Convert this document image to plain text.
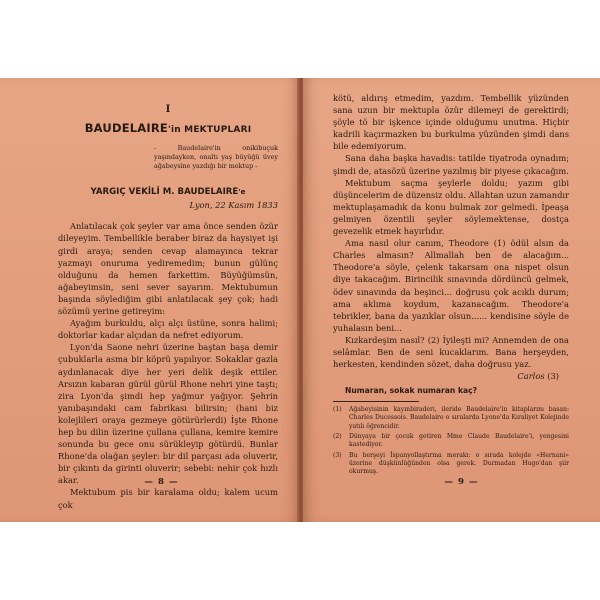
I
BAUDELAIRE'in MEKTUPLARI
- Baudelaire'in onikibuçuk yaşındayken, onaltı yaş büyüğü üvey ağabeysine yazdığı bir mektup -
YARGIÇ VEKİLİ M. BAUDELAIRE'e
Lyon, 22 Kasım 1833

Anlatılacak çok şeyler var ama önce senden özür dileyeyim. Tembellikle beraber biraz da haysiyet işi girdi araya; senden cevap alamayınca tekrar yazmayı onuruma yediremedim; bunun gülünç olduğunu da hemen farkettim. Büyüğümsün, ağabeyimsin, seni sever sayarım. Mektubumun başında söylediğim gibi anlatılacak şey çok; hadi sözümü yerine getireyim:

Ayağım burkuldu, alçı alçı üstüne, sonra halimi; doktorlar kadar alçıdan da nefret ediyorum.

Lyon'da Saone nehri üzerine baştan başa demir çubuklarla asma bir köprü yapılıyor. Sokaklar gazla aydınlanacak diye her yeri delik deşik ettiler. Arsızın kabaran gürül gürül Rhone nehri yine taştı; zira Lyon'da şimdi hep yağmur yağıyor. Şehrin yanıbaşındaki cam fabrikası bilirsin; (hani biz kolejlileri oraya gezmeye götürürlerdi) İşte Rhone hep bu dilin üzerine çullana çullana, kemire kemire sonunda bu gece onu sürükleyip götürdü. Bunlar Rhone'da olağan şeyler: bir dil parçası ada oluverir, bir çıkıntı da girinti oluverir; sebebi: nehir çok hızlı akar.

Mektubum pis bir karalama oldu; kalem ucum çok

— 8 —

kötü, aldırış etmedim, yazdım. Tembellik yüzünden sana uzun bir mektupla özür dilemeyi de gerektirdi; şöyle tö bir işkence içinde olduğumu unutma. Hiçbir kadrili kaçırmazken bu burkulma yüzünden şimdi dans bile edemiyorum.

Sana daha başka havadis: tatilde tiyatroda oynadım; şimdi de, atasözü üzerine yazılmış bir piyese çıkacağım.

Mektubum saçma şeylerle doldu; yazım gibi düşüncelerim de düzensiz oldu. Allahtan uzun zamandır mektuplaşamadık da konu bulmak zor gelmedi. İpeaşa gelmiyen özentili şeyler söylemektense, dostça gevezelik etmek hayırlıdır.

Ama nasıl olur canım, Theodore (1) ödül alsın da Charles almasın? Allmallah ben de alacağım... Theodore'a söyle, çelenk takarsam ona nispet olsun diye takacağım. Birincilik sınavında dördüncü gelmek, ödev sınavında da beşinci... doğrusu çok acıklı durum; ama aklıma koydum, kazanacağım. Theodore'a tebrikler, bana da yazıklar olsun...... kendisine söyle de yuhalasın beni...

Kızkardeşim nasıl? (2) İyileşti mi? Annemden de ona selâmlar. Ben de seni kucaklarım. Bana herşeyden, herkesten, kendinden sözet, daha doğrusu yaz.

Carlos (3)
Numaran, sokak numaran kaç?
(1)	Ağabeyisinin kayınbiraderi, ileride Baudelaire'in kitaplarını basan: Charles Ducessois. Baudelaire o sıralarda Lyone'da Kıraliyet Kolejinde yatılı öğrencidir.
(2)	Dünyaya bir çocuk getiren Mme Claude Baudelaire'i, yengesini kastediyor.
(3)	Bu herşeyi İspanyollaştırma merakı: o sırada kolejde «Hernani» üzerine düşkünlüğünden olsa gerek. Durmadan Hugo'dan şiir okurmuş.
— 9 —
